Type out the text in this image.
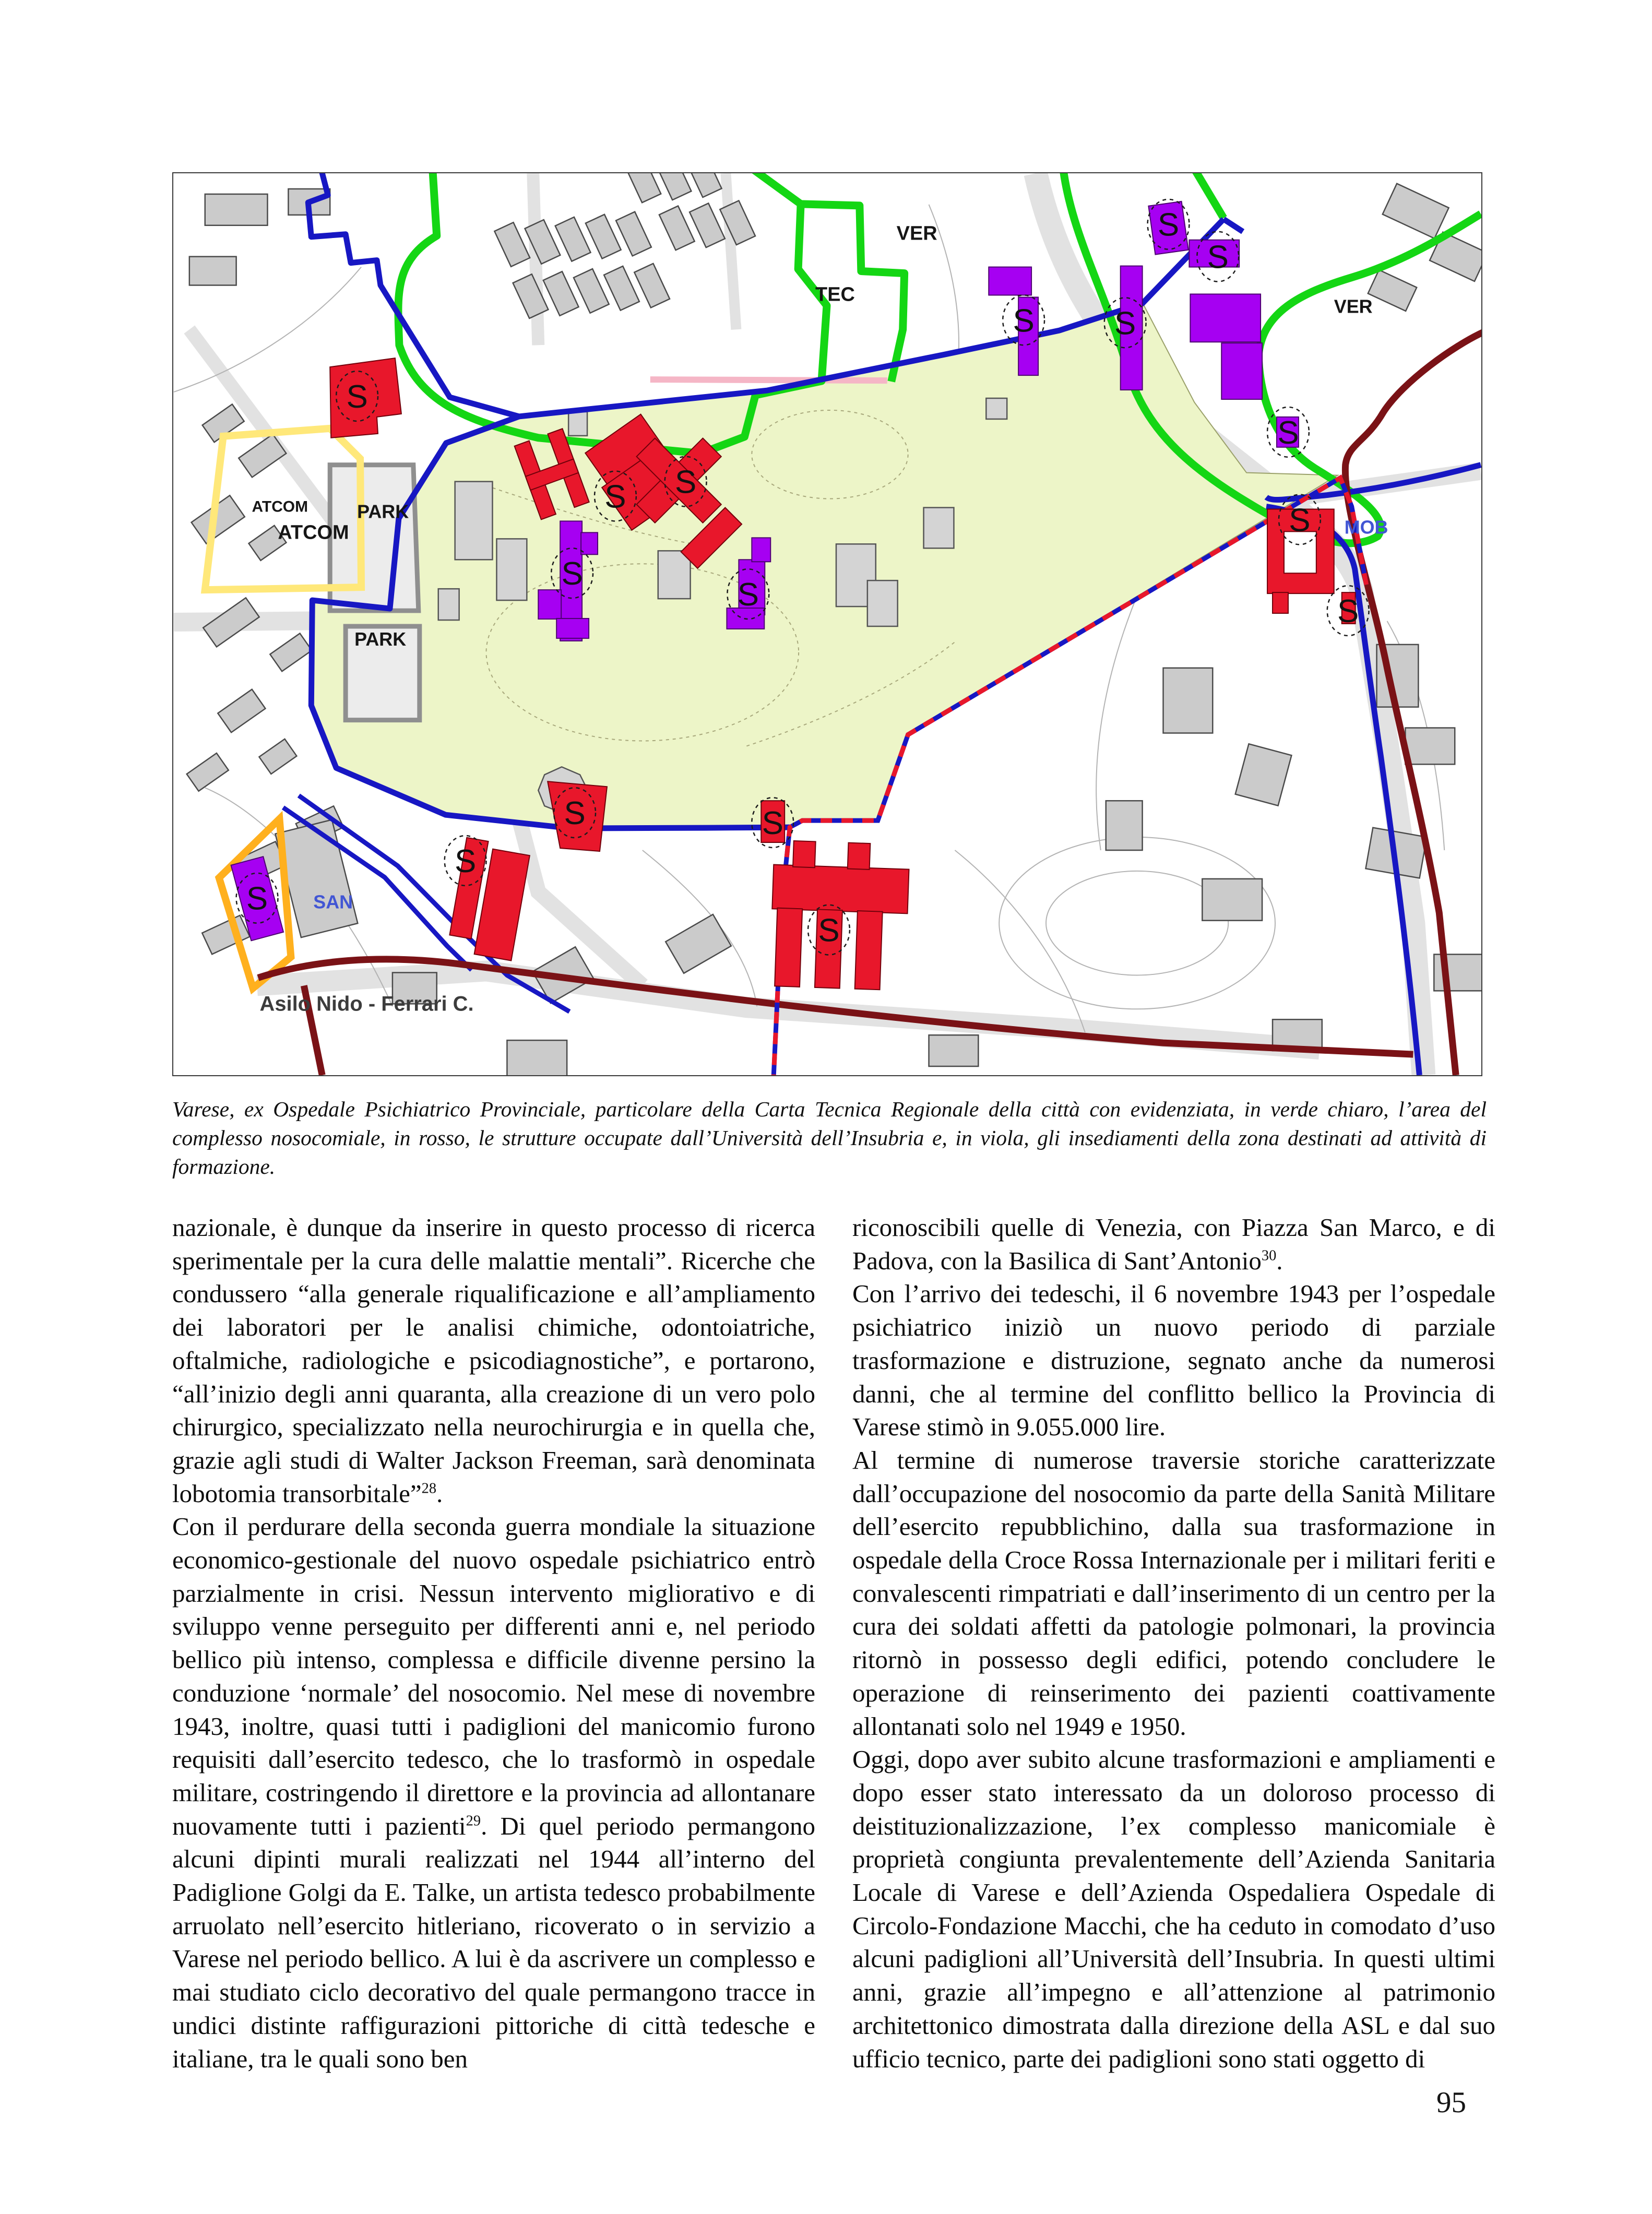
S
S S
S
S
S
S
S
S
S
S
S
S
S
S
S
S
ATCOM
ATCOM
PARK
PARK
TEC
VER
VER
SAN
MOB
Asilo Nido - Ferrari C.
Varese, ex Ospedale Psichiatrico Provinciale, particolare della Carta Tecnica Regionale della città con evidenziata, in verde chiaro, l’area del complesso nosocomiale, in rosso, le strutture occupate dall’Università dell’Insubria e, in viola, gli insediamenti della zona destinati ad attività di formazione.

nazionale, è dunque da inserire in questo processo di ricerca sperimentale per la cura delle malattie mentali”. Ricerche che condussero “alla generale riqualificazione e all’ampliamento dei laboratori per le analisi chimiche, odontoiatriche, oftalmiche, radiologiche e psicodiagnostiche”, e portarono, “all’inizio degli anni quaranta, alla creazione di un vero polo chirurgico, specializzato nella neurochirurgia e in quella che, grazie agli studi di Walter Jackson Freeman, sarà denominata lobotomia transorbitale”$^{28}$.

Con il perdurare della seconda guerra mondiale la situazione economico-gestionale del nuovo ospedale psichiatrico entrò parzialmente in crisi. Nessun intervento migliorativo e di sviluppo venne perseguito per differenti anni e, nel periodo bellico più intenso, complessa e difficile divenne persino la conduzione ‘normale’ del nosocomio. Nel mese di novembre 1943, inoltre, quasi tutti i padiglioni del manicomio furono requisiti dall’esercito tedesco, che lo trasformò in ospedale militare, costringendo il direttore e la provincia ad allontanare nuovamente tutti i pazienti$^{29}$. Di quel periodo permangono alcuni dipinti murali realizzati nel 1944 all’interno del Padiglione Golgi da E. Talke, un artista tedesco probabilmente arruolato nell’esercito hitleriano, ricoverato o in servizio a Varese nel periodo bellico. A lui è da ascrivere un complesso e mai studiato ciclo decorativo del quale permangono tracce in undici distinte raffigurazioni pittoriche di città tedesche e italiane, tra le quali sono ben

riconoscibili quelle di Venezia, con Piazza San Marco, e di Padova, con la Basilica di Sant’Antonio$^{30}$.

Con l’arrivo dei tedeschi, il 6 novembre 1943 per l’ospedale psichiatrico iniziò un nuovo periodo di parziale trasformazione e distruzione, segnato anche da numerosi danni, che al termine del conflitto bellico la Provincia di Varese stimò in 9.055.000 lire.

Al termine di numerose traversie storiche caratterizzate dall’occupazione del nosocomio da parte della Sanità Militare dell’esercito repubblichino, dalla sua trasformazione in ospedale della Croce Rossa Internazionale per i militari feriti e convalescenti rimpatriati e dall’inserimento di un centro per la cura dei soldati affetti da patologie polmonari, la provincia ritornò in possesso degli edifici, potendo concludere le operazione di reinserimento dei pazienti coattivamente allontanati solo nel 1949 e 1950.

Oggi, dopo aver subito alcune trasformazioni e ampliamenti e dopo esser stato interessato da un doloroso processo di deistituzionalizzazione, l’ex complesso manicomiale è proprietà congiunta prevalentemente dell’Azienda Sanitaria Locale di Varese e dell’Azienda Ospedaliera Ospedale di Circolo-Fondazione Macchi, che ha ceduto in comodato d’uso alcuni padiglioni all’Università dell’Insubria. In questi ultimi anni, grazie all’impegno e all’attenzione al patrimonio architettonico dimostrata dalla direzione della ASL e dal suo ufficio tecnico, parte dei padiglioni sono stati oggetto di

95
